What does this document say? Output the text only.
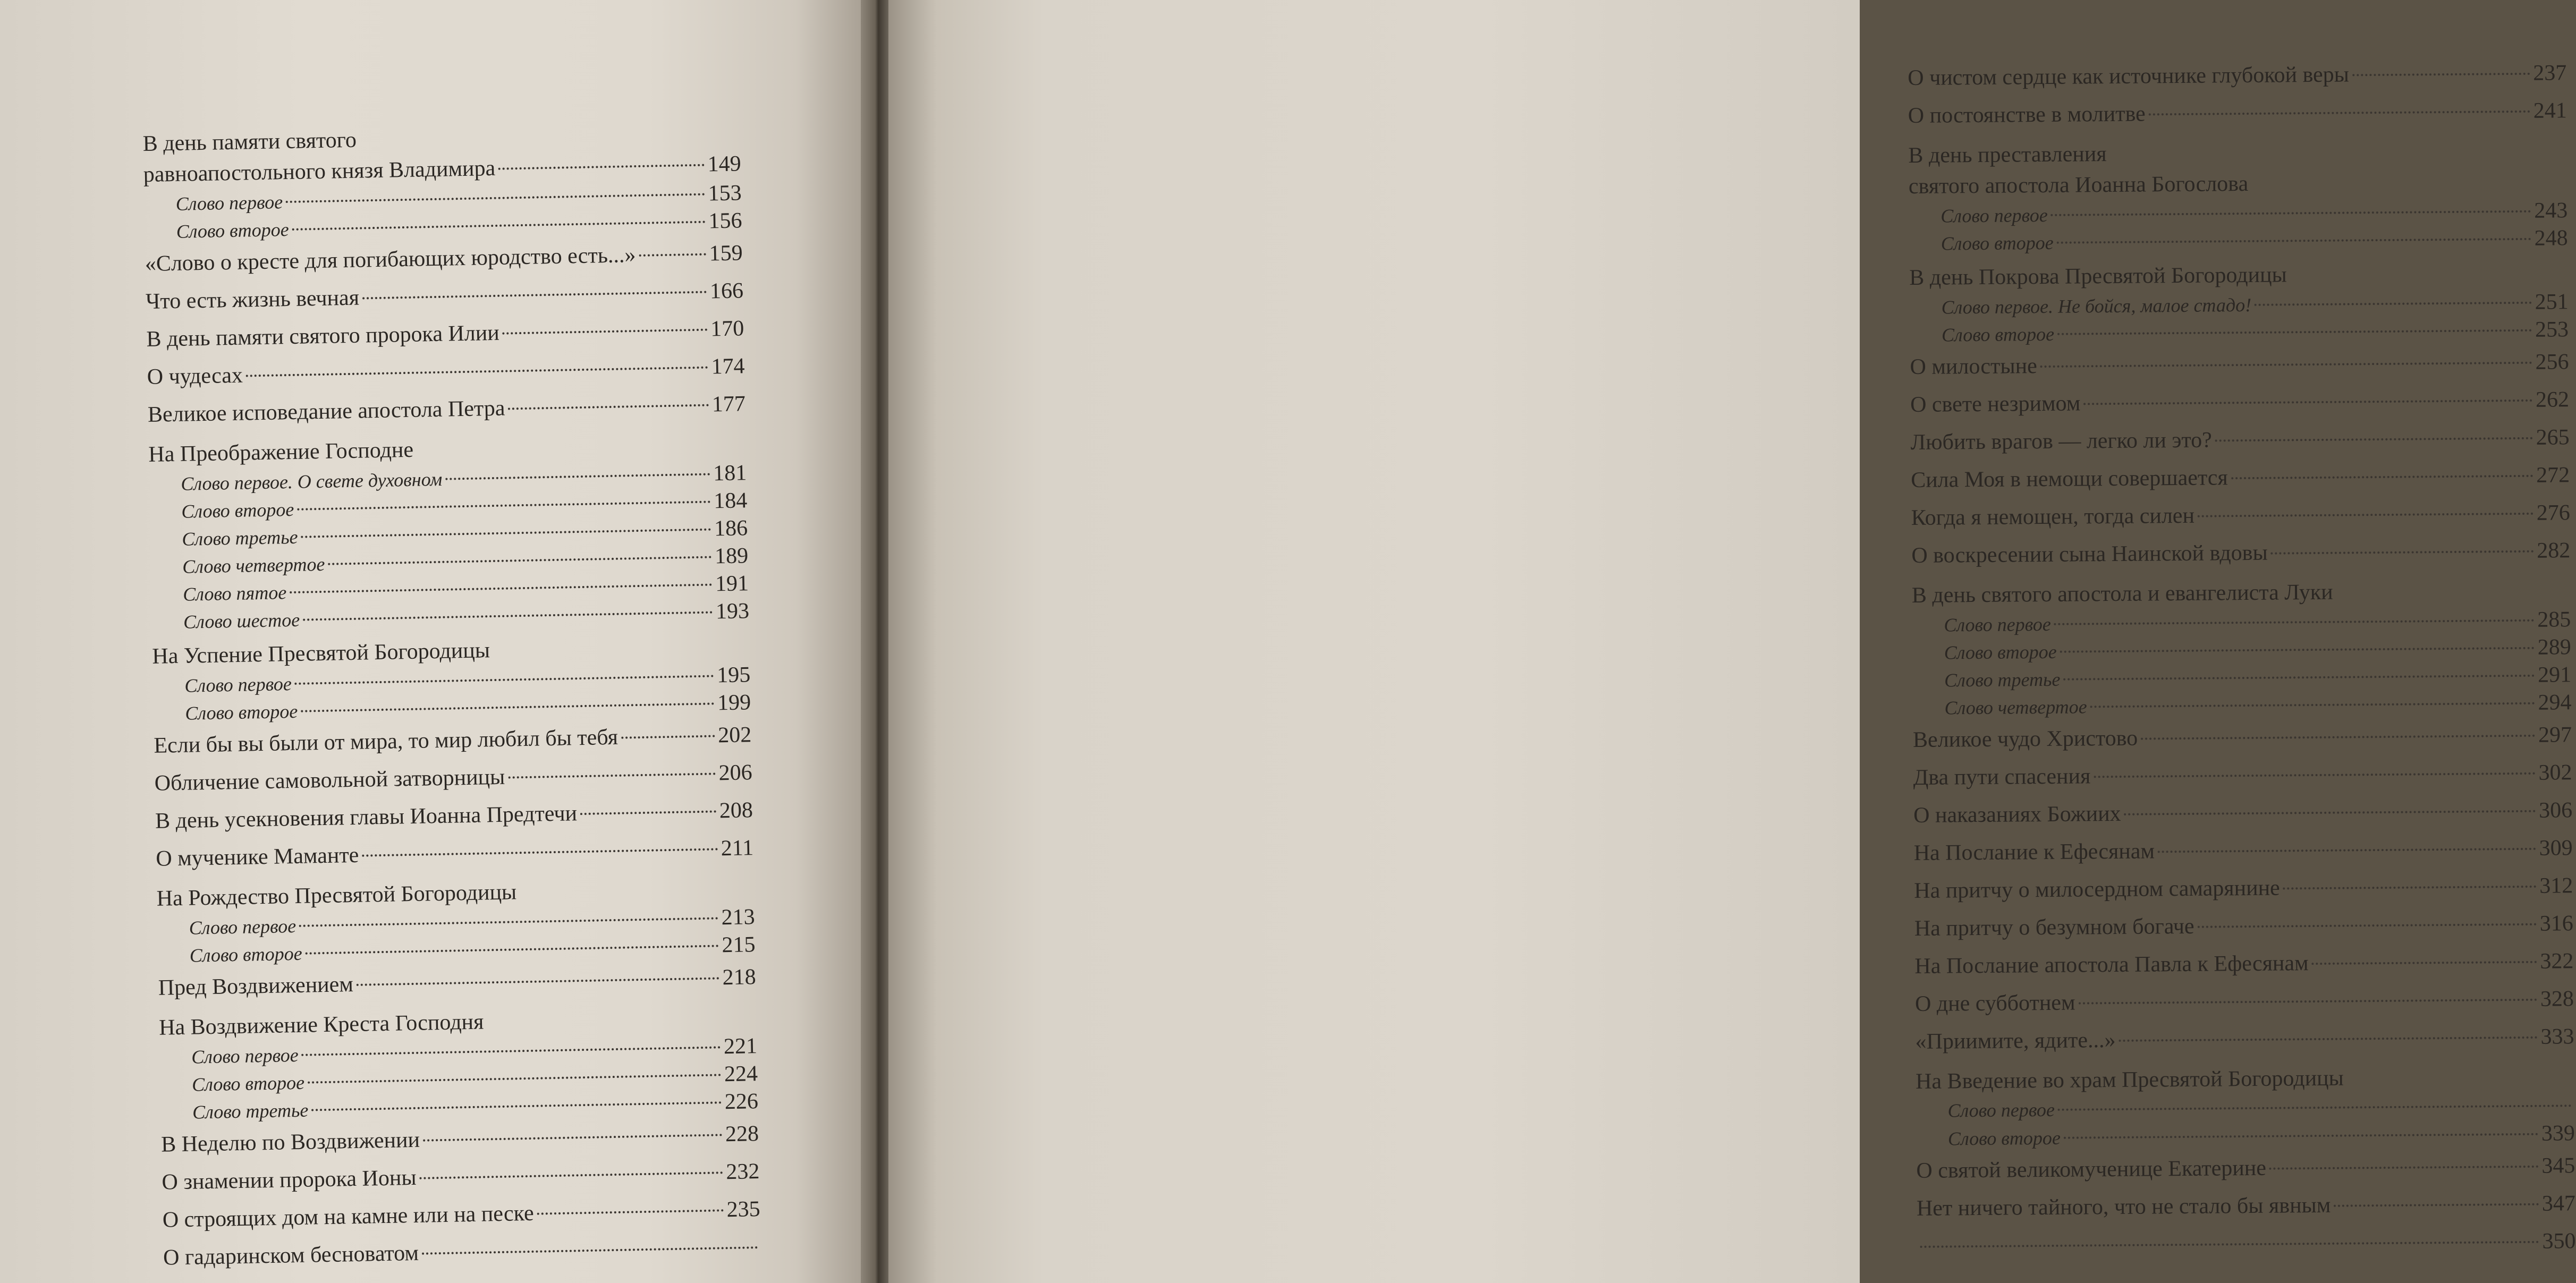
В день памяти святого
равноапостольного князя Владимира	149
Слово первое	153
Слово второе	156
«Слово о кресте для погибающих юродство есть...»	159
Что есть жизнь вечная	166
В день памяти святого пророка Илии	170
О чудесах	174
Великое исповедание апостола Петра	177
На Преображение Господне
Слово первое. О свете духовном	181
Слово второе	184
Слово третье	186
Слово четвертое	189
Слово пятое	191
Слово шестое	193
На Успение Пресвятой Богородицы
Слово первое	195
Слово второе	199
Если бы вы были от мира, то мир любил бы тебя	202
Обличение самовольной затворницы	206
В день усекновения главы Иоанна Предтечи	208
О мученике Маманте	211
На Рождество Пресвятой Богородицы
Слово первое	213
Слово второе	215
Пред Воздвижением	218
На Воздвижение Креста Господня
Слово первое	221
Слово второе	224
Слово третье	226
В Неделю по Воздвижении	228
О знамении пророка Ионы	232
О строящих дом на камне или на песке	235
О гадаринском бесноватом
О чистом сердце как источнике глубокой веры	237
О постоянстве в молитве	241
В день преставления
святого апостола Иоанна Богослова
Слово первое	243
Слово второе	248
В день Покрова Пресвятой Богородицы
Слово первое. Не бойся, малое стадо!	251
Слово второе	253
О милостыне	256
О свете незримом	262
Любить врагов — легко ли это?	265
Сила Моя в немощи совершается	272
Когда я немощен, тогда силен	276
О воскресении сына Наинской вдовы	282
В день святого апостола и евангелиста Луки
Слово первое	285
Слово второе	289
Слово третье	291
Слово четвертое	294
Великое чудо Христово	297
Два пути спасения	302
О наказаниях Божиих	306
На Послание к Ефесянам	309
На притчу о милосердном самарянине	312
На притчу о безумном богаче	316
На Послание апостола Павла к Ефесянам	322
О дне субботнем	328
«Приимите, ядите...»	333
На Введение во храм Пресвятой Богородицы
Слово первое
Слово второе	339
О святой великомученице Екатерине	345
Нет ничего тайного, что не стало бы явным	347
350
